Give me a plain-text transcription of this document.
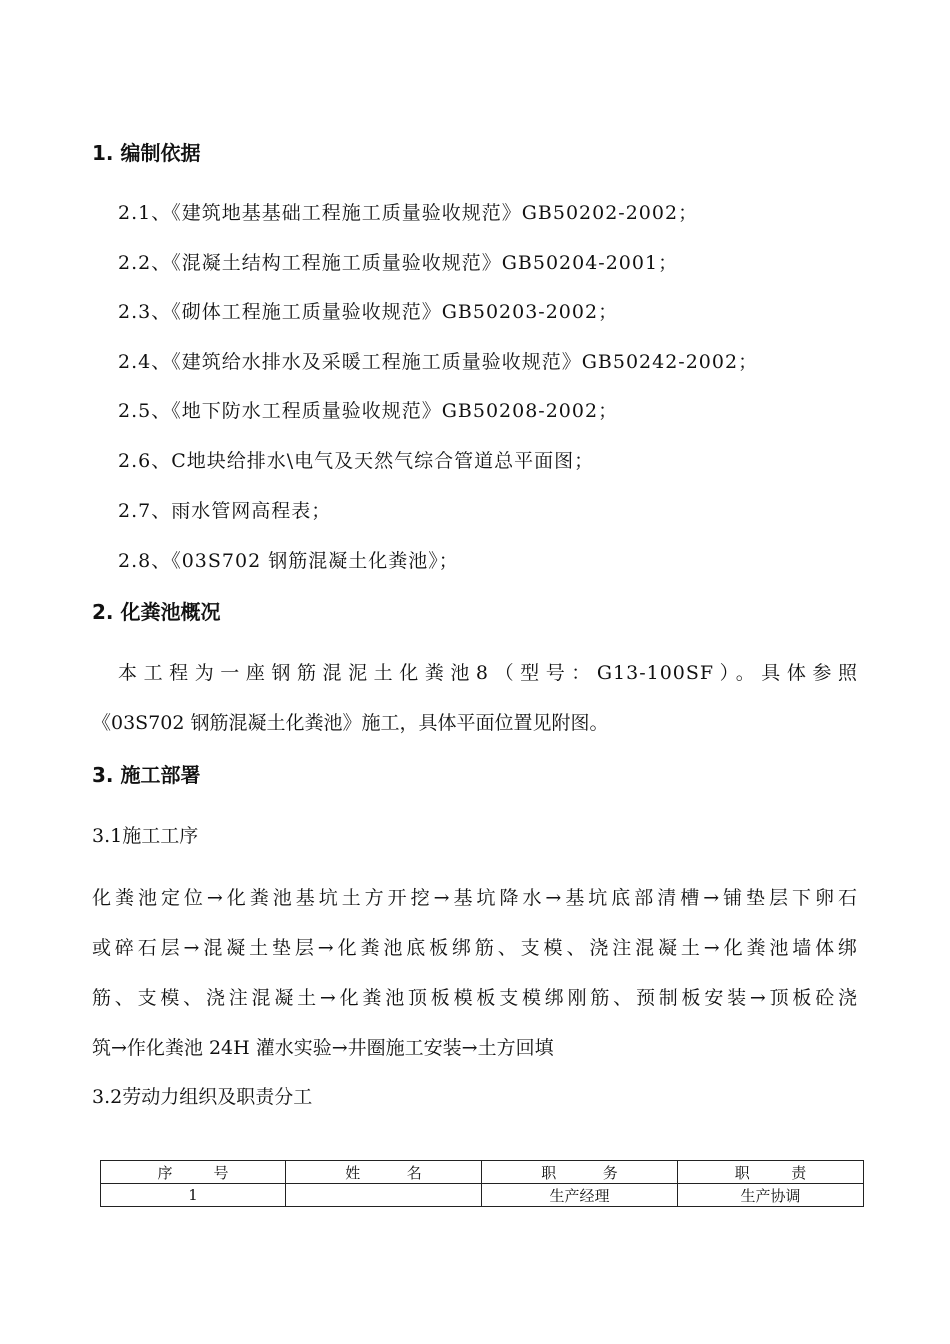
1. 编制依据
2.1、《建筑地基基础工程施工质量验收规范》GB50202-2002；
2.2、《混凝土结构工程施工质量验收规范》GB50204-2001；
2.3、《砌体工程施工质量验收规范》GB50203-2002；
2.4、《建筑给水排水及采暖工程施工质量验收规范》GB50242-2002；
2.5、《地下防水工程质量验收规范》GB50208-2002；
2.6、C地块给排水\电气及天然气综合管道总平面图；
2.7、雨水管网高程表；
2.8、《03S702 钢筋混凝土化粪池》；
2. 化粪池概况
本工程为一座钢筋混泥土化粪池8（型号：G13-100SF）。具体参照
《03S702 钢筋混凝土化粪池》施工，具体平面位置见附图。
3. 施工部署
3.1施工工序
化粪池定位→化粪池基坑土方开挖→基坑降水→基坑底部清槽→铺垫层下卵石
或碎石层→混凝土垫层→化粪池底板绑筋、支模、浇注混凝土→化粪池墙体绑
筋、支模、浇注混凝土→化粪池顶板模板支模绑刚筋、预制板安装→顶板砼浇
筑→作化粪池 24H 灌水实验→井圈施工安装→土方回填
3.2劳动力组织及职责分工
序 号	姓 名	职 务	职 责

1		生产经理	生产协调
